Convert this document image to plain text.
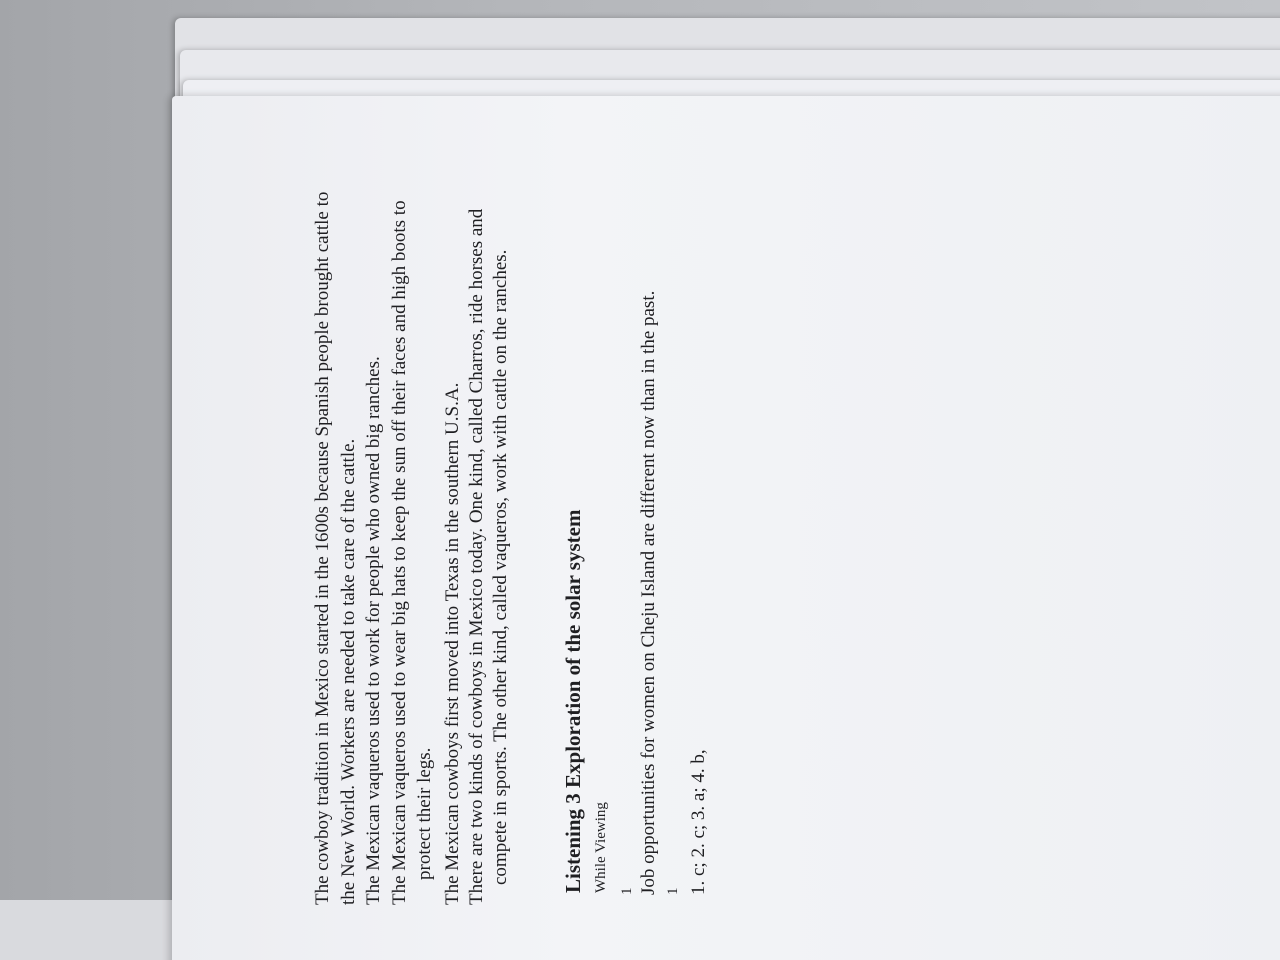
The cowboy tradition in Mexico started in the 1600s because Spanish people brought cattle to the New World. Workers are needed to take care of the cattle. The Mexican vaqueros used to work for people who owned big ranches. The Mexican vaqueros used to wear big hats to keep the sun off their faces and high boots to protect their legs. The Mexican cowboys first moved into Texas in the southern U.S.A. There are two kinds of cowboys in Mexico today. One kind, called Charros, ride horses and compete in sports. The other kind, called vaqueros, work with cattle on the ranches. Listening 3 Exploration of the solar system While Viewing 1 Job opportunities for women on Cheju Island are different now than in the past. 1 1. c; 2. c; 3. a; 4. b,
